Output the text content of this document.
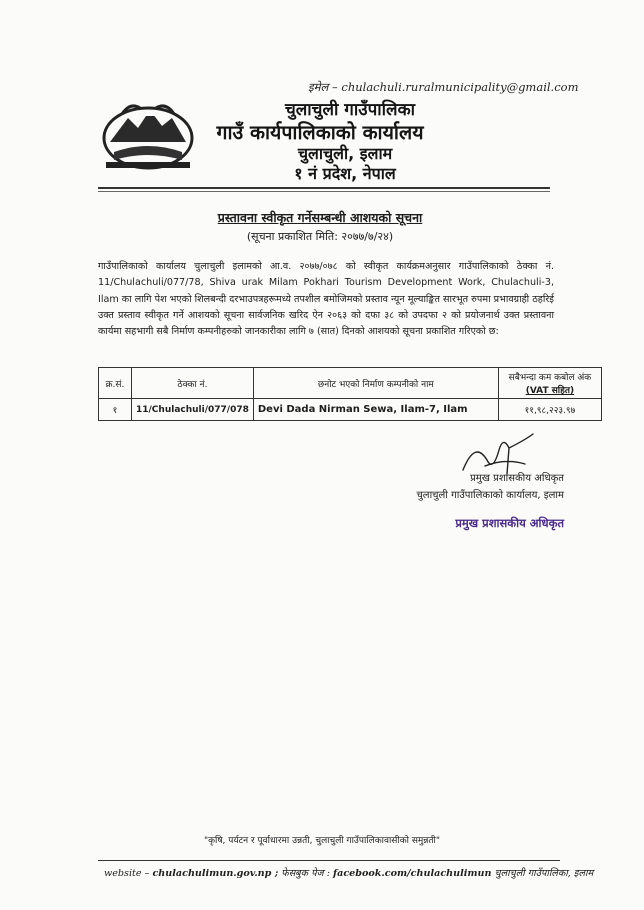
इमेल – chulachuli.ruralmunicipality@gmail.com
चुलाचुली गाउँपालिका
गाउँ कार्यपालिकाको कार्यालय
चुलाचुली, इलाम
१ नं प्रदेश, नेपाल
प्रस्तावना स्वीकृत गर्नेसम्बन्धी आशयको सूचना
(सूचना प्रकाशित मिति: २०७७/७/२४)
गाउँपालिकाको कार्यालय चुलाचुली इलामको आ.व. २०७७/०७८ को स्वीकृत कार्यक्रमअनुसार गाउँपालिकाको ठेक्का नं. 11/Chulachuli/077/78, Shiva urak Milam Pokhari Tourism Development Work, Chulachuli-3, Ilam का लागि पेश भएको शिलबन्दी दरभाउपत्रहरूमध्ये तपशील बमोजिमको प्रस्ताव न्यून मूल्याङ्कित सारभूत रुपमा प्रभावग्राही ठहरिई उक्त प्रस्ताव स्वीकृत गर्ने आशयको सूचना सार्वजनिक खरिद ऐन २०६३ को दफा ३८ को उपदफा २ को प्रयोजनार्थ उक्त प्रस्तावना कार्यमा सहभागी सबै निर्माण कम्पनीहरुको जानकारीका लागि ७ (सात) दिनको आशयको सूचना प्रकाशित गरिएको छ:
क्र.सं.	ठेक्का नं.	छनोट भएको निर्माण कम्पनीको नाम	सबैभन्दा कम कबोल अंक
(VAT सहित)
१	11/Chulachuli/077/078	Devi Dada Nirman Sewa, Ilam-7, Ilam	११,९८,२२३.९७
प्रमुख प्रशासकीय अधिकृत
चुलाचुली गाउँपालिकाको कार्यालय, इलाम
प्रमुख प्रशासकीय अधिकृत
"कृषि, पर्यटन र पूर्वाधारमा उन्नती, चुलाचुली गाउँपालिकावासीको समुन्नती"
website – chulachulimun.gov.np ; फेसबुक पेज : facebook.com/chulachulimun चुलाचुली गाउँपालिका, इलाम
